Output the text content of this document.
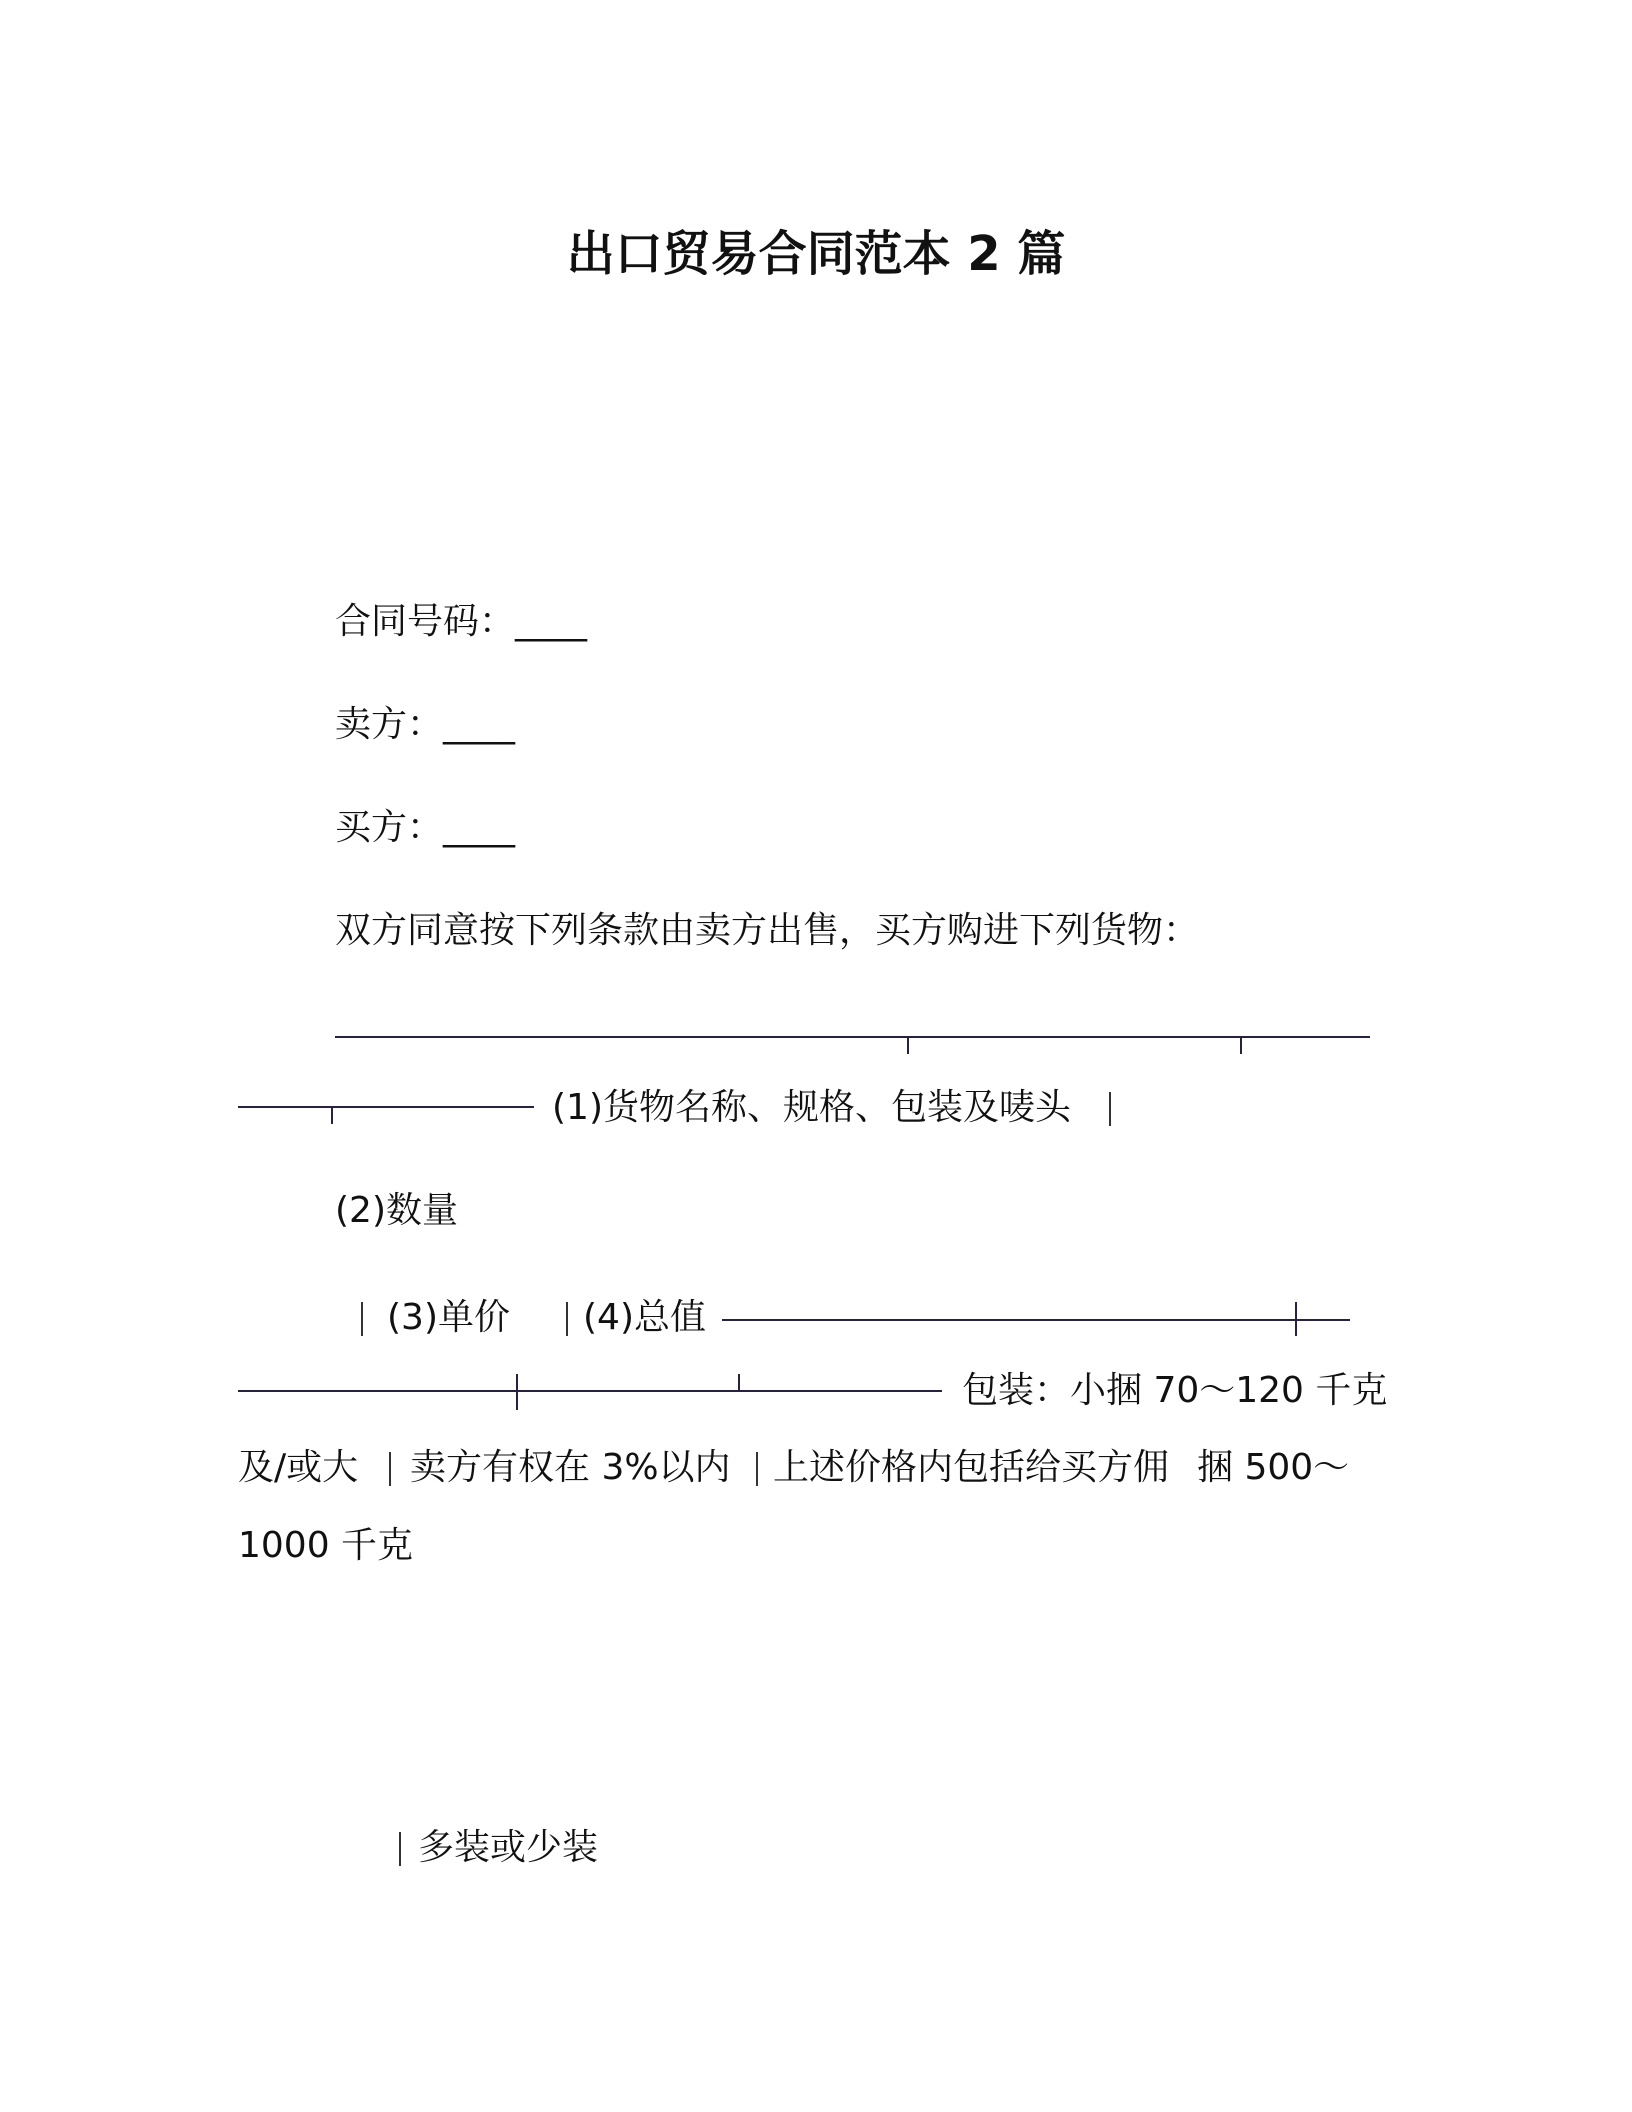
出口贸易合同范本 2 篇
合同号码：____
卖方：____
买方：____
双方同意按下列条款由卖方出售，买方购进下列货物：
(1)货物名称、规格、包装及唛头
(2)数量
(3)单价 (4)总值
包装：小捆 70～120 千克
及/或大 卖方有权在 3%以内 上述价格内包括给买方佣 捆 500～
1000 千克
多装或少装
